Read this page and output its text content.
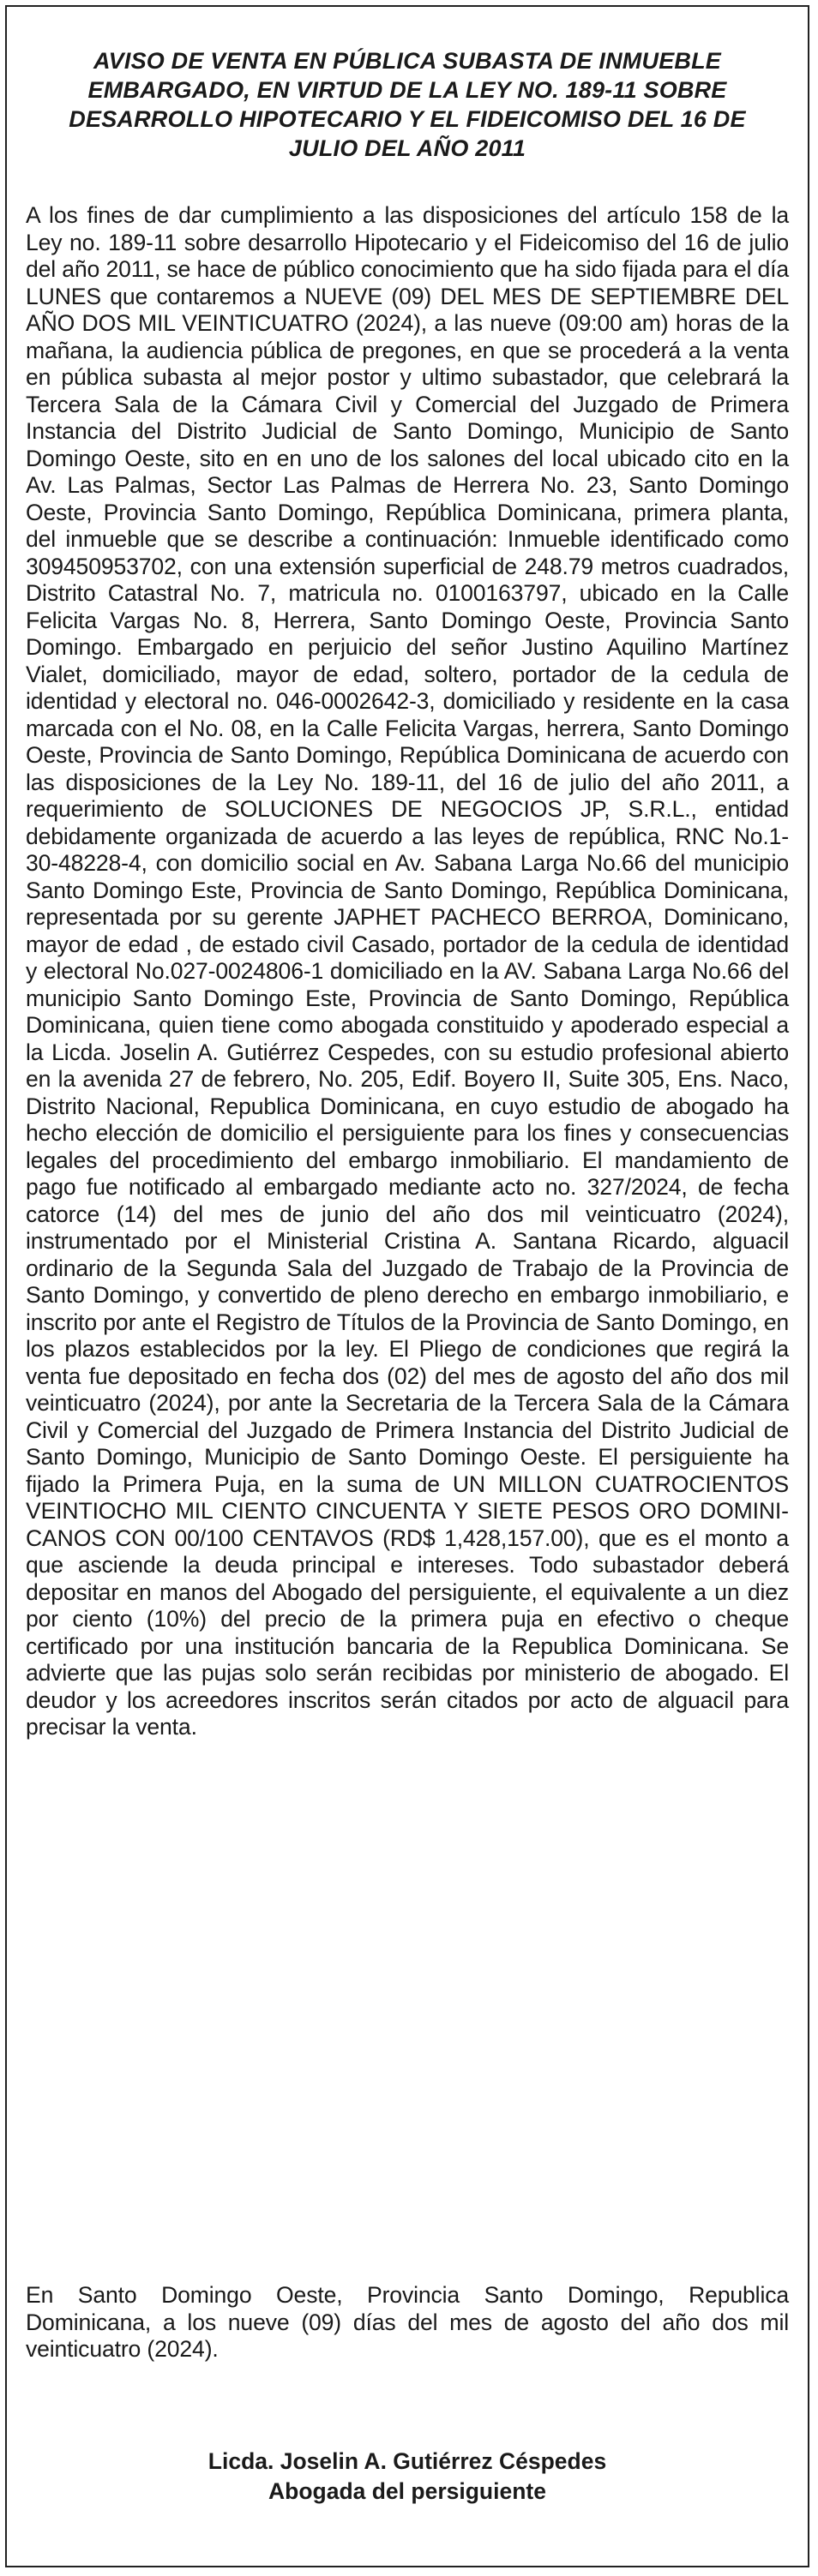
AVISO DE VENTA EN PÚBLICA SUBASTA DE INMUEBLE EMBARGADO, EN VIRTUD DE LA LEY NO. 189-11 SOBRE DESARROLLO HIPOTECARIO Y EL FIDEICOMISO DEL 16 DE JULIO DEL AÑO 2011

A los fines de dar cumplimiento a las disposiciones del artículo 158 de la Ley no. 189-11 sobre desarrollo Hipotecario y el Fideicomiso del 16 de julio del año 2011, se hace de público conocimiento que ha sido fijada para el día LUNES que contaremos a NUEVE (09) DEL MES DE SEPTIEMBRE DEL AÑO DOS MIL VEINTICUATRO (2024), a las nueve (09:00 am) horas de la mañana, la audiencia pública de pregones, en que se procederá a la venta en pública subasta al mejor postor y ultimo subastador, que celebrará la Tercera Sala de la Cámara Civil y Comercial del Juzgado de Primera Instancia del Distrito Judicial de Santo Domingo, Municipio de Santo Domingo Oeste, sito en en uno de los salones del local ubicado cito en la Av. Las Palmas, Sector Las Palmas de Herrera No. 23, Santo Domingo Oeste, Provincia Santo Domingo, República Dominicana, primera planta, del inmueble que se describe a continuación: Inmueble identificado como 309450953702, con una extensión superficial de 248.79 metros cuadrados, Distrito Catastral No. 7, matricula no. 0100163797, ubicado en la Calle Felicita Vargas No. 8, Herrera, Santo Domingo Oeste, Provincia Santo Domingo. Embargado en perjuicio del señor Justino Aquilino Martínez Vialet, domiciliado, mayor de edad, soltero, portador de la cedula de identidad y electoral no. 046-0002642-3, domiciliado y residente en la casa marcada con el No. 08, en la Calle Felicita Vargas, herrera, Santo Domingo Oeste, Provincia de Santo Domingo, República Dominicana de acuerdo con las disposiciones de la Ley No. 189-11, del 16 de julio del año 2011, a requerimiento de SOLUCIONES DE NEGOCIOS JP, S.R.L., entidad debidamente organizada de acuerdo a las leyes de república, RNC No.1-30-48228-4, con domicilio social en Av. Sabana Larga No.66 del municipio Santo Domingo Este, Provincia de Santo Domingo, República Dominicana, representada por su gerente JAPHET PACHECO BERROA, Dominicano, mayor de edad , de estado civil Casado, portador de la cedula de identidad y electoral No.027-0024806-1 domiciliado en la AV. Sabana Larga No.66 del municipio Santo Domingo Este, Provincia de Santo Domingo, República Dominicana, quien tiene como abogada constituido y apoderado especial a la Licda. Joselin A. Gutiérrez Cespedes, con su estudio profesional abierto en la avenida 27 de febrero, No. 205, Edif. Boyero II, Suite 305, Ens. Naco, Distrito Nacional, Republica Dominicana, en cuyo estudio de abogado ha hecho elección de domicilio el persiguiente para los fines y consecuencias legales del procedimiento del embargo inmobiliario. El mandamiento de pago fue notificado al embargado mediante acto no. 327/2024, de fecha catorce (14) del mes de junio del año dos mil veinticuatro (2024), instrumentado por el Ministerial Cristina A. Santana Ricardo, alguacil ordinario de la Segunda Sala del Juzgado de Trabajo de la Provincia de Santo Domingo, y convertido de pleno derecho en embargo inmobiliario, e inscrito por ante el Registro de Títulos de la Provincia de Santo Domingo, en los plazos establecidos por la ley. El Pliego de condiciones que regirá la venta fue depositado en fecha dos (02) del mes de agosto del año dos mil veinticuatro (2024), por ante la Secretaria de la Tercera Sala de la Cámara Civil y Comercial del Juzgado de Primera Instancia del Distrito Judicial de Santo Domingo, Municipio de Santo Domingo Oeste. El persiguiente ha fijado la Primera Puja, en la suma de UN MILLON CUATROCIENTOS VEINTIOCHO MIL CIENTO CINCUENTA Y SIETE PESOS ORO DOMINICANOS CON 00/100 CENTAVOS (RD$ 1,428,157.00), que es el monto a que asciende la deuda principal e intereses. Todo subastador deberá depositar en manos del Abogado del persiguiente, el equivalente a un diez por ciento (10%) del precio de la primera puja en efectivo o cheque certificado por una institución bancaria de la Republica Dominicana. Se advierte que las pujas solo serán recibidas por ministerio de abogado. El deudor y los acreedores inscritos serán citados por acto de alguacil para precisar la venta.

En Santo Domingo Oeste, Provincia Santo Domingo, Republica Dominicana, a los nueve (09) días del mes de agosto del año dos mil veinticuatro (2024).

Licda. Joselin A. Gutiérrez Céspedes
Abogada del persiguiente
